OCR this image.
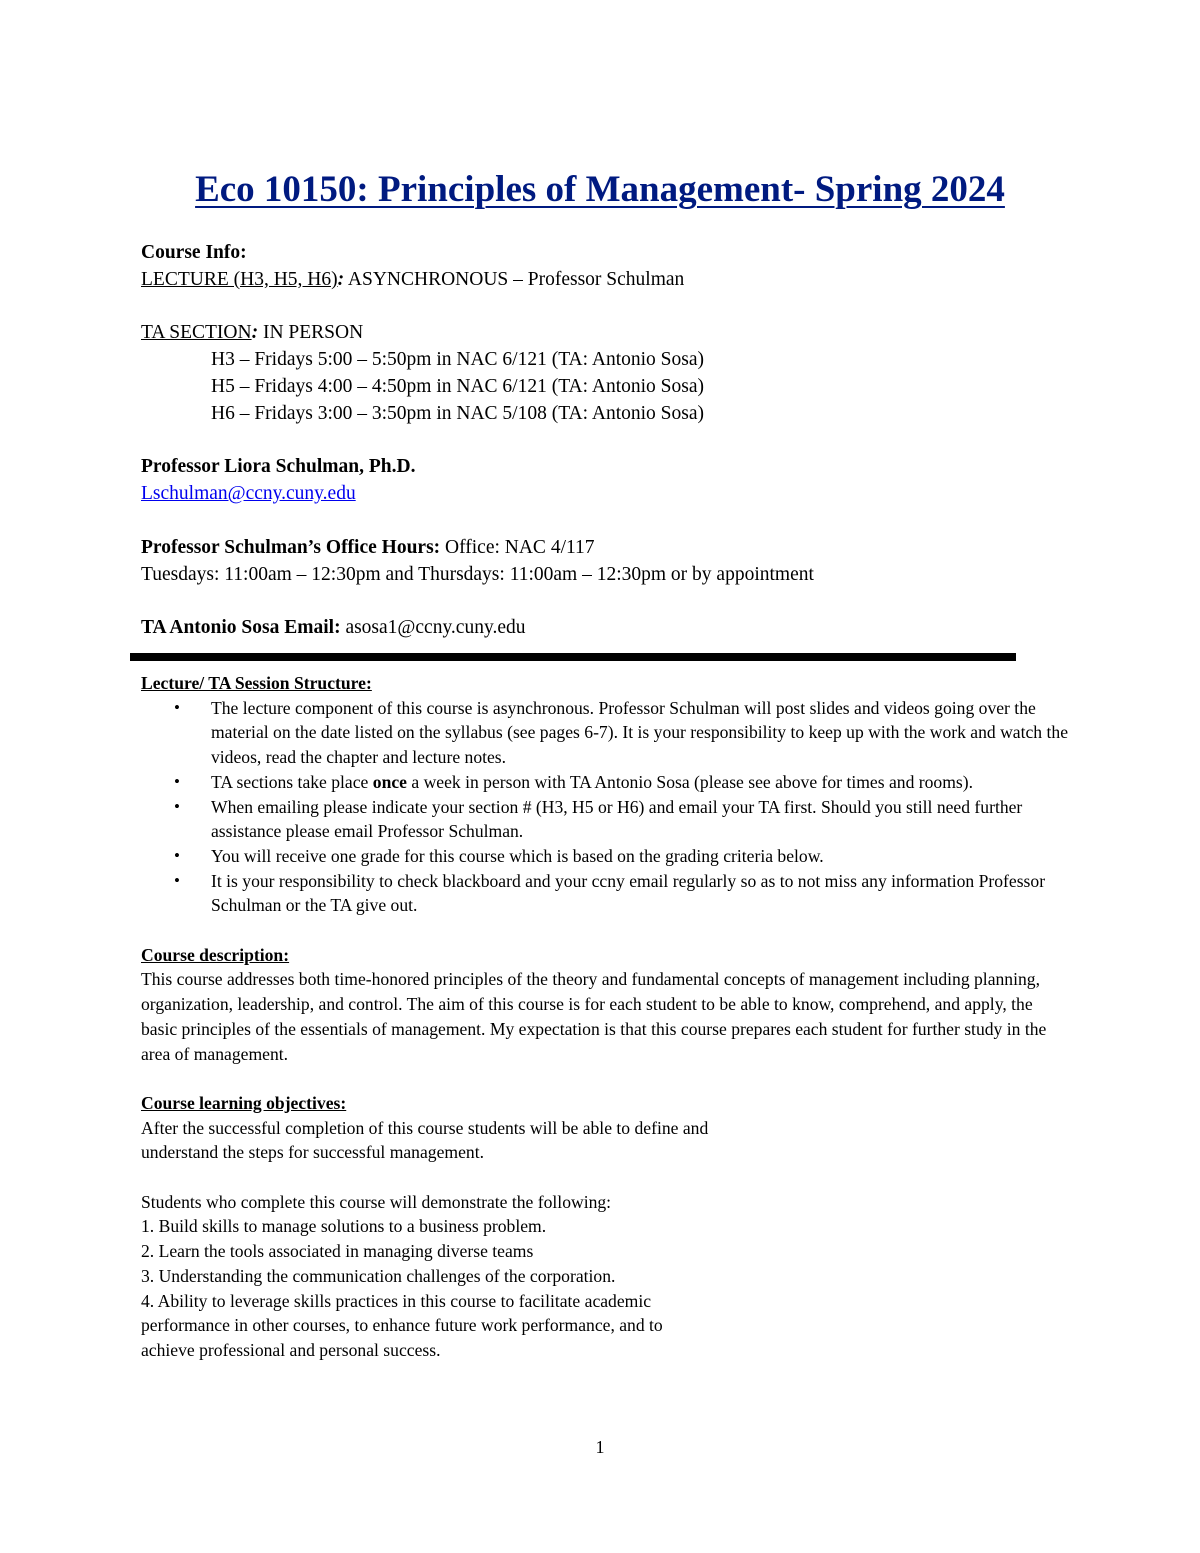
Eco 10150: Principles of Management- Spring 2024
Course Info:
LECTURE (H3, H5, H6): ASYNCHRONOUS – Professor Schulman
TA SECTION: IN PERSON
H3 – Fridays 5:00 – 5:50pm in NAC 6/121 (TA: Antonio Sosa)
H5 – Fridays 4:00 – 4:50pm in NAC 6/121 (TA: Antonio Sosa)
H6 – Fridays 3:00 – 3:50pm in NAC 5/108 (TA: Antonio Sosa)
Professor Liora Schulman, Ph.D.
Lschulman@ccny.cuny.edu
Professor Schulman’s Office Hours: Office: NAC 4/117
Tuesdays: 11:00am – 12:30pm and Thursdays: 11:00am – 12:30pm or by appointment
TA Antonio Sosa Email: asosa1@ccny.cuny.edu
Lecture/ TA Session Structure:
• The lecture component of this course is asynchronous. Professor Schulman will post slides and videos going over the material on the date listed on the syllabus (see pages 6-7). It is your responsibility to keep up with the work and watch the videos, read the chapter and lecture notes.
• TA sections take place once a week in person with TA Antonio Sosa (please see above for times and rooms).
• When emailing please indicate your section # (H3, H5 or H6) and email your TA first. Should you still need further assistance please email Professor Schulman.
• You will receive one grade for this course which is based on the grading criteria below.
• It is your responsibility to check blackboard and your ccny email regularly so as to not miss any information Professor Schulman or the TA give out.
Course description:
This course addresses both time-honored principles of the theory and fundamental concepts of management including planning, organization, leadership, and control. The aim of this course is for each student to be able to know, comprehend, and apply, the basic principles of the essentials of management. My expectation is that this course prepares each student for further study in the area of management.
Course learning objectives:
After the successful completion of this course students will be able to define and
understand the steps for successful management.
Students who complete this course will demonstrate the following:
1. Build skills to manage solutions to a business problem.
2. Learn the tools associated in managing diverse teams
3. Understanding the communication challenges of the corporation.
4. Ability to leverage skills practices in this course to facilitate academic
performance in other courses, to enhance future work performance, and to
achieve professional and personal success.
1
